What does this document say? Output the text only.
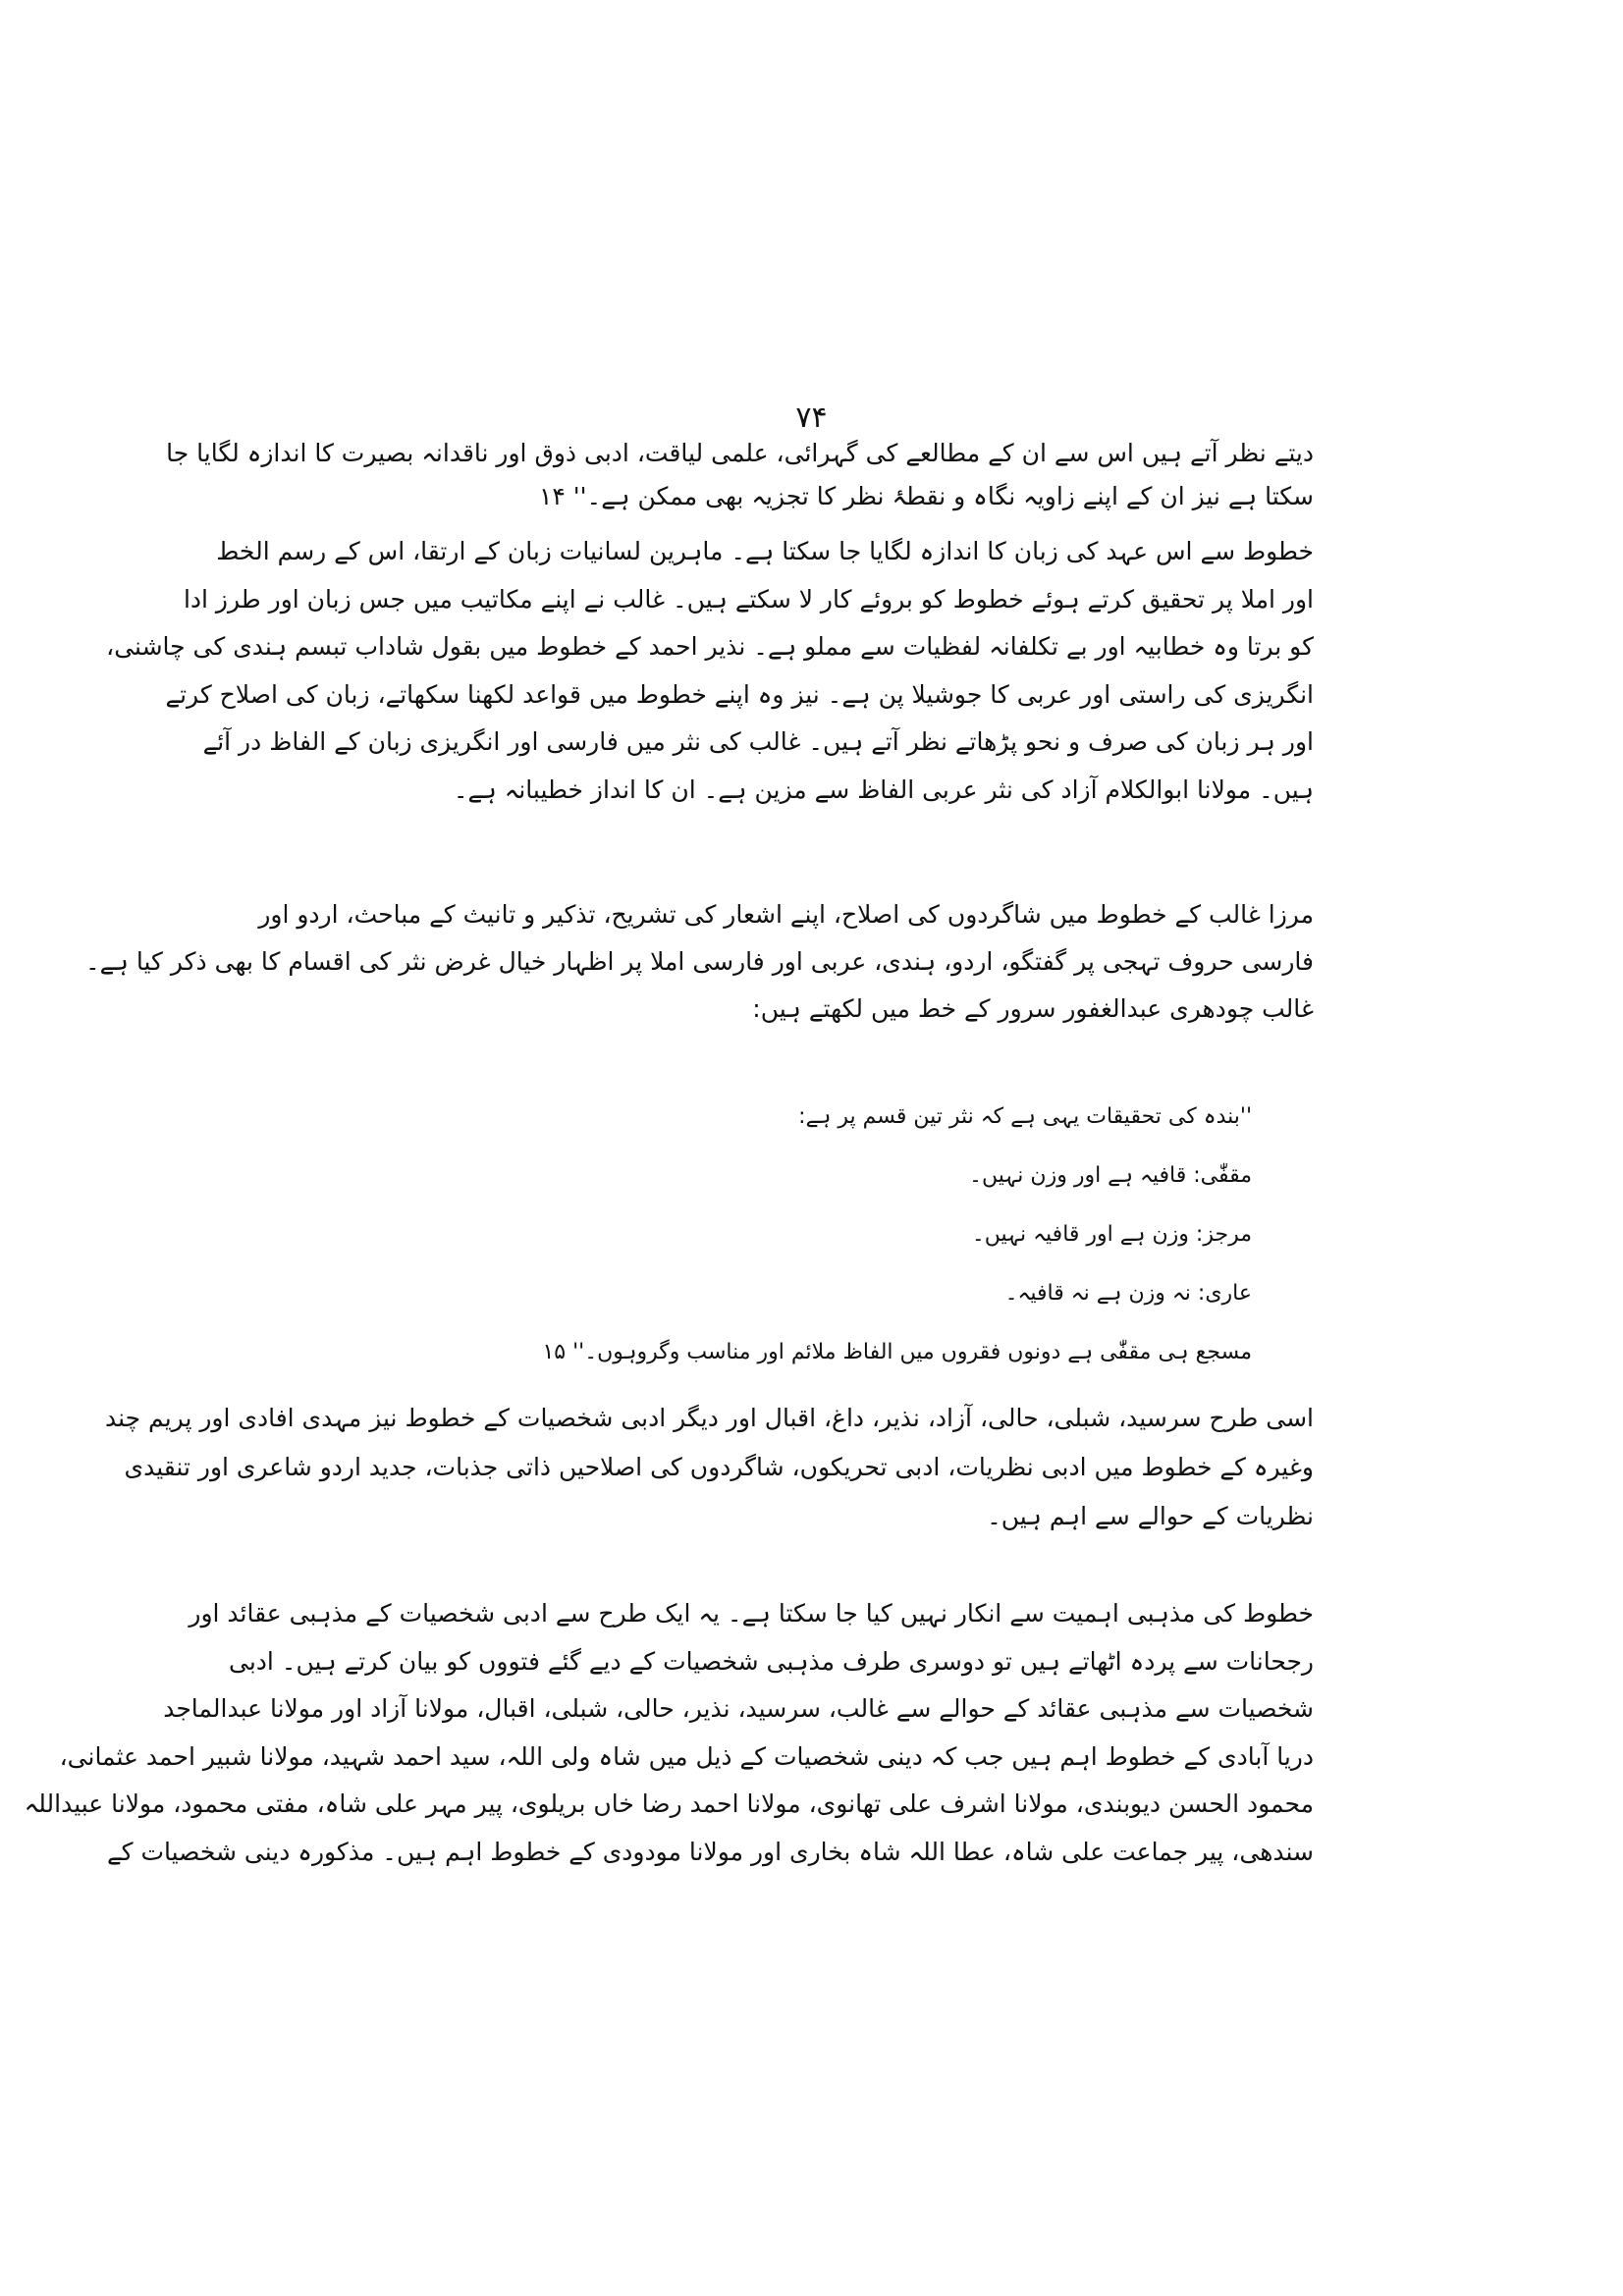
۷۴
دیتے نظر آتے ہیں اس سے ان کے مطالعے کی گہرائی، علمی لیاقت، ادبی ذوق اور ناقدانہ بصیرت کا اندازہ لگایا جا
سکتا ہے نیز ان کے اپنے زاویہ نگاہ و نقطۂ نظر کا تجزیہ بھی ممکن ہے۔'' ۱۴
خطوط سے اس عہد کی زبان کا اندازہ لگایا جا سکتا ہے۔ ماہرین لسانیات زبان کے ارتقا، اس کے رسم الخط
اور املا پر تحقیق کرتے ہوئے خطوط کو بروئے کار لا سکتے ہیں۔ غالب نے اپنے مکاتیب میں جس زبان اور طرز ادا
کو برتا وہ خطابیہ اور بے تکلفانہ لفظیات سے مملو ہے۔ نذیر احمد کے خطوط میں بقول شاداب تبسم ہندی کی چاشنی،
انگریزی کی راستی اور عربی کا جوشیلا پن ہے۔ نیز وہ اپنے خطوط میں قواعد لکھنا سکھاتے، زبان کی اصلاح کرتے
اور ہر زبان کی صرف و نحو پڑھاتے نظر آتے ہیں۔ غالب کی نثر میں فارسی اور انگریزی زبان کے الفاظ در آئے
ہیں۔ مولانا ابوالکلام آزاد کی نثر عربی الفاظ سے مزین ہے۔ ان کا انداز خطیبانہ ہے۔
مرزا غالب کے خطوط میں شاگردوں کی اصلاح، اپنے اشعار کی تشریح، تذکیر و تانیث کے مباحث، اردو اور
فارسی حروف تہجی پر گفتگو، اردو، ہندی، عربی اور فارسی املا پر اظہار خیال غرض نثر کی اقسام کا بھی ذکر کیا ہے۔
غالب چودھری عبدالغفور سرور کے خط میں لکھتے ہیں:
''بندہ کی تحقیقات یہی ہے کہ نثر تین قسم پر ہے:
مقفّٰی: قافیہ ہے اور وزن نہیں۔
مرجز: وزن ہے اور قافیہ نہیں۔
عاری: نہ وزن ہے نہ قافیہ۔
مسجع ہی مقفّٰی ہے دونوں فقروں میں الفاظ ملائم اور مناسب وگروہوں۔'' ۱۵
اسی طرح سرسید، شبلی، حالی، آزاد، نذیر، داغ، اقبال اور دیگر ادبی شخصیات کے خطوط نیز مہدی افادی اور پریم چند
وغیرہ کے خطوط میں ادبی نظریات، ادبی تحریکوں، شاگردوں کی اصلاحیں ذاتی جذبات، جدید اردو شاعری اور تنقیدی
نظریات کے حوالے سے اہم ہیں۔
خطوط کی مذہبی اہمیت سے انکار نہیں کیا جا سکتا ہے۔ یہ ایک طرح سے ادبی شخصیات کے مذہبی عقائد اور
رجحانات سے پردہ اٹھاتے ہیں تو دوسری طرف مذہبی شخصیات کے دیے گئے فتووں کو بیان کرتے ہیں۔ ادبی
شخصیات سے مذہبی عقائد کے حوالے سے غالب، سرسید، نذیر، حالی، شبلی، اقبال، مولانا آزاد اور مولانا عبدالماجد
دریا آبادی کے خطوط اہم ہیں جب کہ دینی شخصیات کے ذیل میں شاہ ولی اللہ، سید احمد شہید، مولانا شبیر احمد عثمانی،
محمود الحسن دیوبندی، مولانا اشرف علی تھانوی، مولانا احمد رضا خاں بریلوی، پیر مہر علی شاہ، مفتی محمود، مولانا عبیداللہ
سندھی، پیر جماعت علی شاہ، عطا اللہ شاہ بخاری اور مولانا مودودی کے خطوط اہم ہیں۔ مذکورہ دینی شخصیات کے
